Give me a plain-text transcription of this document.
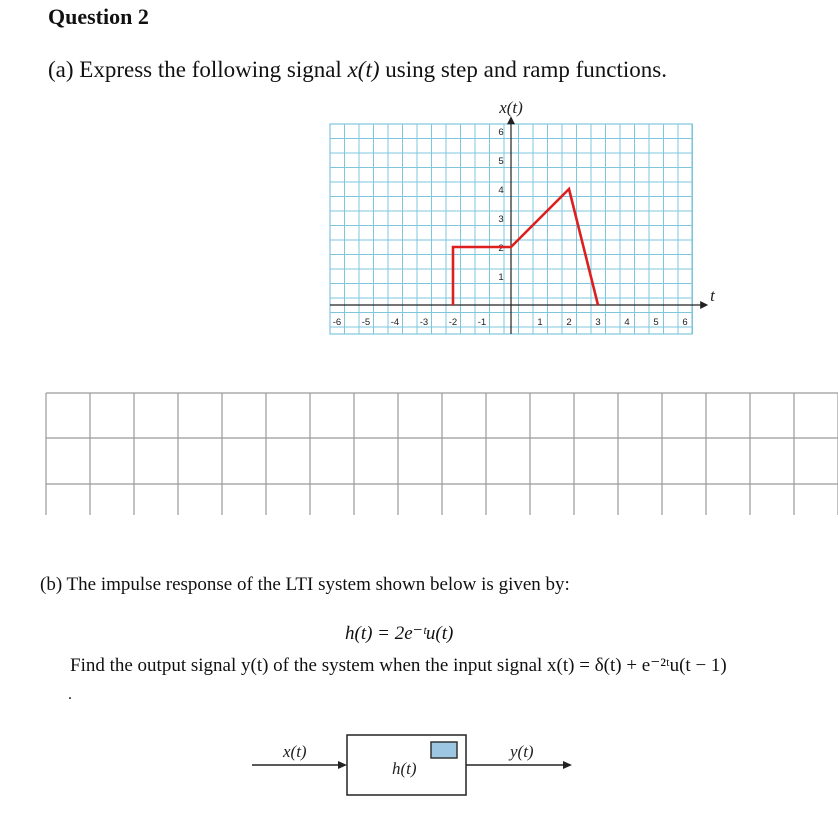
Question 2
(a) Express the following signal x(t) using step and ramp functions.
-6 -5 -4 -3 -2 -1	1 2 3 4 5 6
1
2
3
4
5
6
x(t)
t
x(t)
h(t)
y(t)
(b) The impulse response of the LTI system shown below is given by:
h(t) = 2e⁻ᵗu(t)
Find the output signal y(t) of the system when the input signal x(t) = δ(t) + e⁻²ᵗu(t − 1)
.
